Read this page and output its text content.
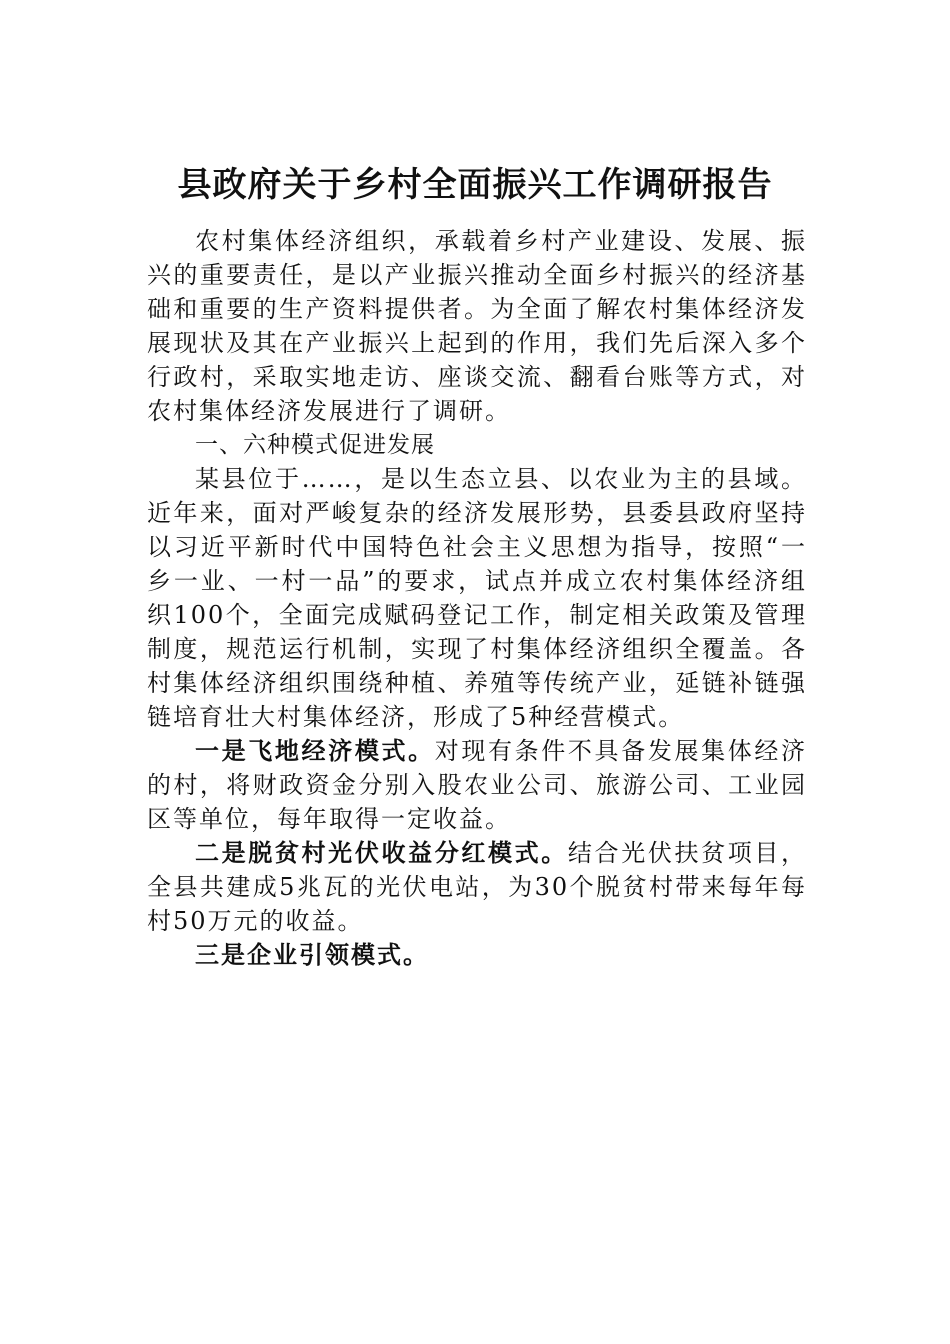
县政府关于乡村全面振兴工作调研报告

农村集体经济组织，承载着乡村产业建设、发展、振兴的重要责任，是以产业振兴推动全面乡村振兴的经济基础和重要的生产资料提供者。为全面了解农村集体经济发展现状及其在产业振兴上起到的作用，我们先后深入多个行政村，采取实地走访、座谈交流、翻看台账等方式，对农村集体经济发展进行了调研。

一、六种模式促进发展

某县位于……，是以生态立县、以农业为主的县域。近年来，面对严峻复杂的经济发展形势，县委县政府坚持以习近平新时代中国特色社会主义思想为指导，按照“一乡一业、一村一品”的要求，试点并成立农村集体经济组织100个，全面完成赋码登记工作，制定相关政策及管理制度，规范运行机制，实现了村集体经济组织全覆盖。各村集体经济组织围绕种植、养殖等传统产业，延链补链强链培育壮大村集体经济，形成了5种经营模式。

一是飞地经济模式。对现有条件不具备发展集体经济的村，将财政资金分别入股农业公司、旅游公司、工业园区等单位，每年取得一定收益。

二是脱贫村光伏收益分红模式。结合光伏扶贫项目，全县共建成5兆瓦的光伏电站，为30个脱贫村带来每年每村50万元的收益。

三是企业引领模式。
